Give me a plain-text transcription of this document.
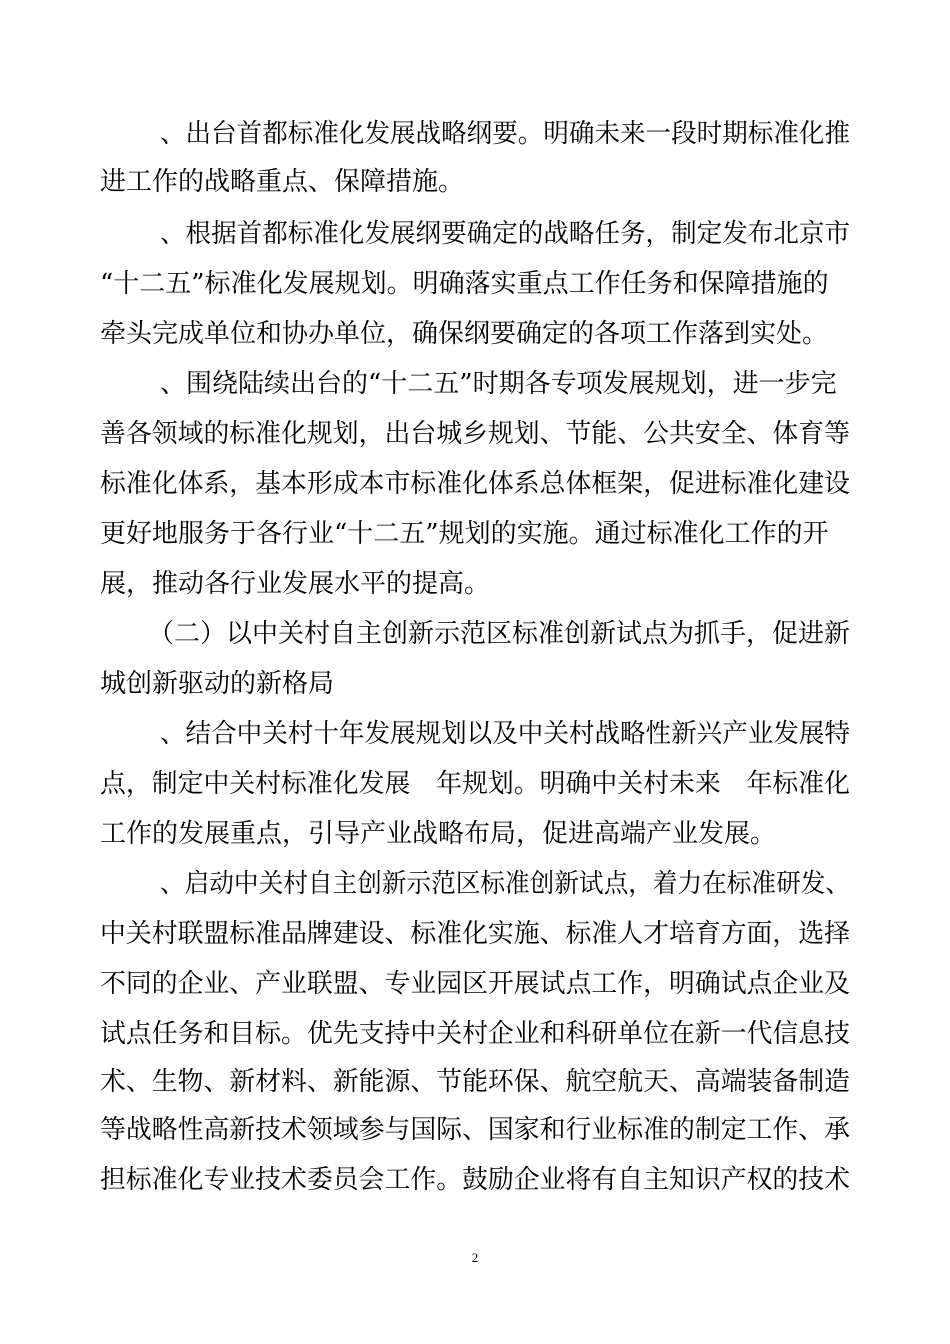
、出台首都标准化发展战略纲要。明确未来一段时期标准化推
进工作的战略重点、保障措施。
、根据首都标准化发展纲要确定的战略任务，制定发布北京市
“十二五”标准化发展规划。明确落实重点工作任务和保障措施的
牵头完成单位和协办单位，确保纲要确定的各项工作落到实处。
、围绕陆续出台的“十二五”时期各专项发展规划，进一步完
善各领域的标准化规划，出台城乡规划、节能、公共安全、体育等
标准化体系，基本形成本市标准化体系总体框架，促进标准化建设
更好地服务于各行业“十二五”规划的实施。通过标准化工作的开
展，推动各行业发展水平的提高。
（二）以中关村自主创新示范区标准创新试点为抓手，促进新
城创新驱动的新格局
、结合中关村十年发展规划以及中关村战略性新兴产业发展特
点，制定中关村标准化发展　年规划。明确中关村未来　年标准化
工作的发展重点，引导产业战略布局，促进高端产业发展。
、启动中关村自主创新示范区标准创新试点，着力在标准研发、
中关村联盟标准品牌建设、标准化实施、标准人才培育方面，选择
不同的企业、产业联盟、专业园区开展试点工作，明确试点企业及
试点任务和目标。优先支持中关村企业和科研单位在新一代信息技
术、生物、新材料、新能源、节能环保、航空航天、高端装备制造
等战略性高新技术领域参与国际、国家和行业标准的制定工作、承
担标准化专业技术委员会工作。鼓励企业将有自主知识产权的技术
2
